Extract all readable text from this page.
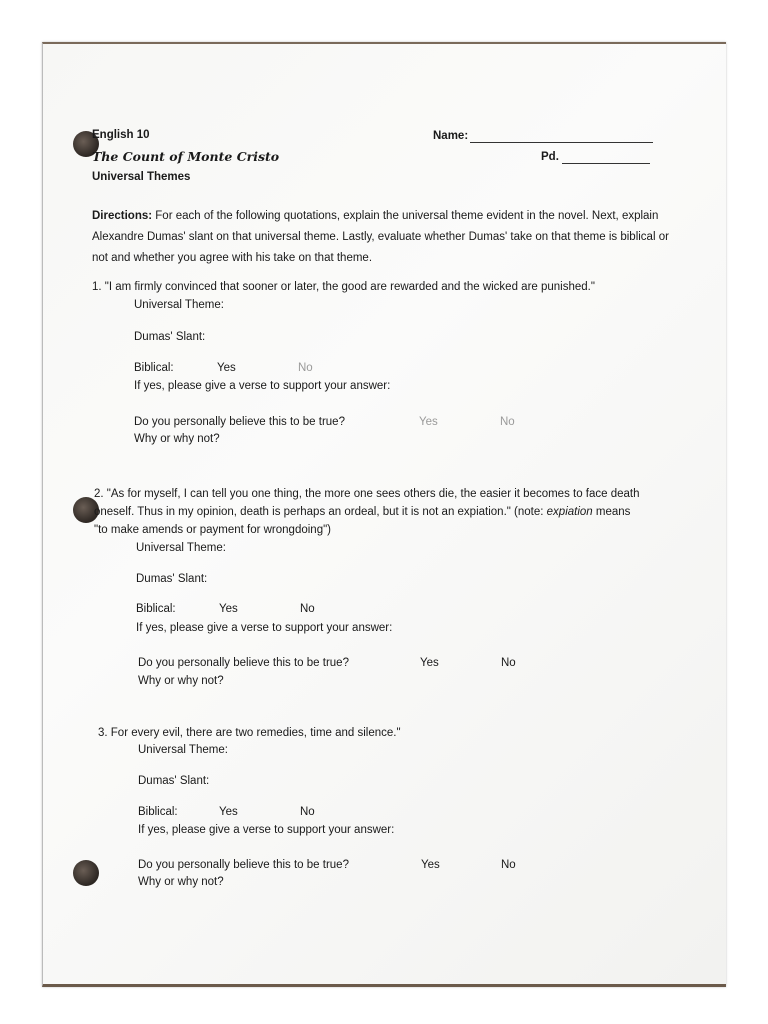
English 10
The Count of Monte Cristo
Universal Themes
Name:
Pd.
Directions: For each of the following quotations, explain the universal theme evident in the novel. Next, explain Alexandre Dumas' slant on that universal theme. Lastly, evaluate whether Dumas' take on that theme is biblical or not and whether you agree with his take on that theme.
1. "I am firmly convinced that sooner or later, the good are rewarded and the wicked are punished."
Universal Theme:
Dumas' Slant:
Biblical:	Yes	No
If yes, please give a verse to support your answer:
Do you personally believe this to be true?	Yes	No
Why or why not?
2. "As for myself, I can tell you one thing, the more one sees others die, the easier it becomes to face death
oneself. Thus in my opinion, death is perhaps an ordeal, but it is not an expiation." (note: expiation means
"to make amends or payment for wrongdoing")
Universal Theme:
Dumas' Slant:
Biblical:	Yes	No
If yes, please give a verse to support your answer:
Do you personally believe this to be true?	Yes	No
Why or why not?
3. For every evil, there are two remedies, time and silence."
Universal Theme:
Dumas' Slant:
Biblical:	Yes	No
If yes, please give a verse to support your answer:
Do you personally believe this to be true?	Yes	No
Why or why not?
